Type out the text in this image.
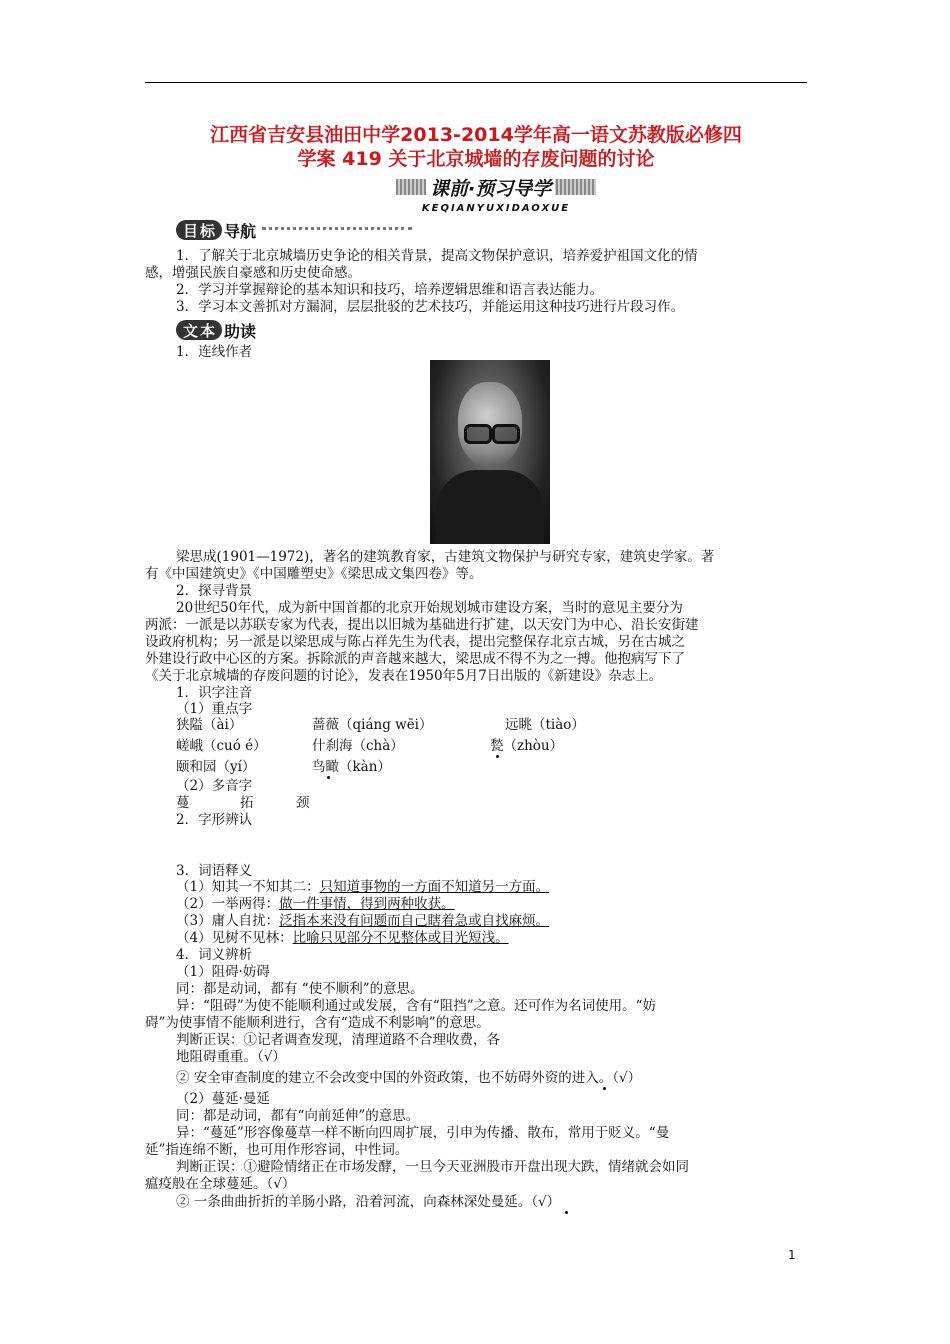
江西省吉安县油田中学2013-2014学年高一语文苏教版必修四
学案 419 关于北京城墙的存废问题的讨论
课前·预习导学
KEQIANYUXIDAOXUE
目 标 导航
1．了解关于北京城墙历史争论的相关背景，提高文物保护意识，培养爱护祖国文化的情
感，增强民族自豪感和历史使命感。
2．学习并掌握辩论的基本知识和技巧，培养逻辑思维和语言表达能力。
3．学习本文善抓对方漏洞，层层批驳的艺术技巧，并能运用这种技巧进行片段习作。
文 本 助读
1．连线作者
梁思成(1901—1972)，著名的建筑教育家，古建筑文物保护与研究专家，建筑史学家。著
有《中国建筑史》《中国雕塑史》《梁思成文集四卷》等。
2．探寻背景
20世纪50年代，成为新中国首都的北京开始规划城市建设方案，当时的意见主要分为
两派：一派是以苏联专家为代表，提出以旧城为基础进行扩建，以天安门为中心、沿长安街建
设政府机构；另一派是以梁思成与陈占祥先生为代表，提出完整保存北京古城，另在古城之
外建设行政中心区的方案。拆除派的声音越来越大，梁思成不得不为之一搏。他抱病写下了
《关于北京城墙的存废问题的讨论》，发表在1950年5月7日出版的《新建设》杂志上。
1．识字注音
（1）重点字
狭隘（ài）	蔷薇（qiáng wēi）	远眺（tiào）
嵯峨（cuó é）	什刹海（chà）	甃（zhòu）
颐和园（yí）	鸟瞰（kàn）
（2）多音字
蔓	拓	颈
2．字形辨认
3．词语释义
（1）知其一不知其二：只知道事物的一方面不知道另一方面。
（2）一举两得：做一件事情，得到两种收获。
（3）庸人自扰：泛指本来没有问题而自己瞎着急或自找麻烦。
（4）见树不见林：比喻只见部分不见整体或目光短浅。
4．词义辨析
（1）阻碍·妨碍
同：都是动词，都有 “使不顺利”的意思。
异：“阻碍”为使不能顺利通过或发展，含有“阻挡”之意。还可作为名词使用。“妨
碍”为使事情不能顺利进行，含有“造成不利影响”的意思。
判断正误：①记者调查发现，清理道路不合理收费，各
地阻碍重重。（√）
② 安全审查制度的建立不会改变中国的外资政策，也不妨碍外资的进入。（√）
（2）蔓延·曼延
同：都是动词，都有“向前延伸”的意思。
异：“蔓延”形容像蔓草一样不断向四周扩展，引申为传播、散布，常用于贬义。“曼
延”指连绵不断，也可用作形容词，中性词。
判断正误：①避险情绪正在市场发酵，一旦今天亚洲股市开盘出现大跌，情绪就会如同
瘟疫般在全球蔓延。（√）
② 一条曲曲折折的羊肠小路，沿着河流，向森林深处曼延。（√）
1
